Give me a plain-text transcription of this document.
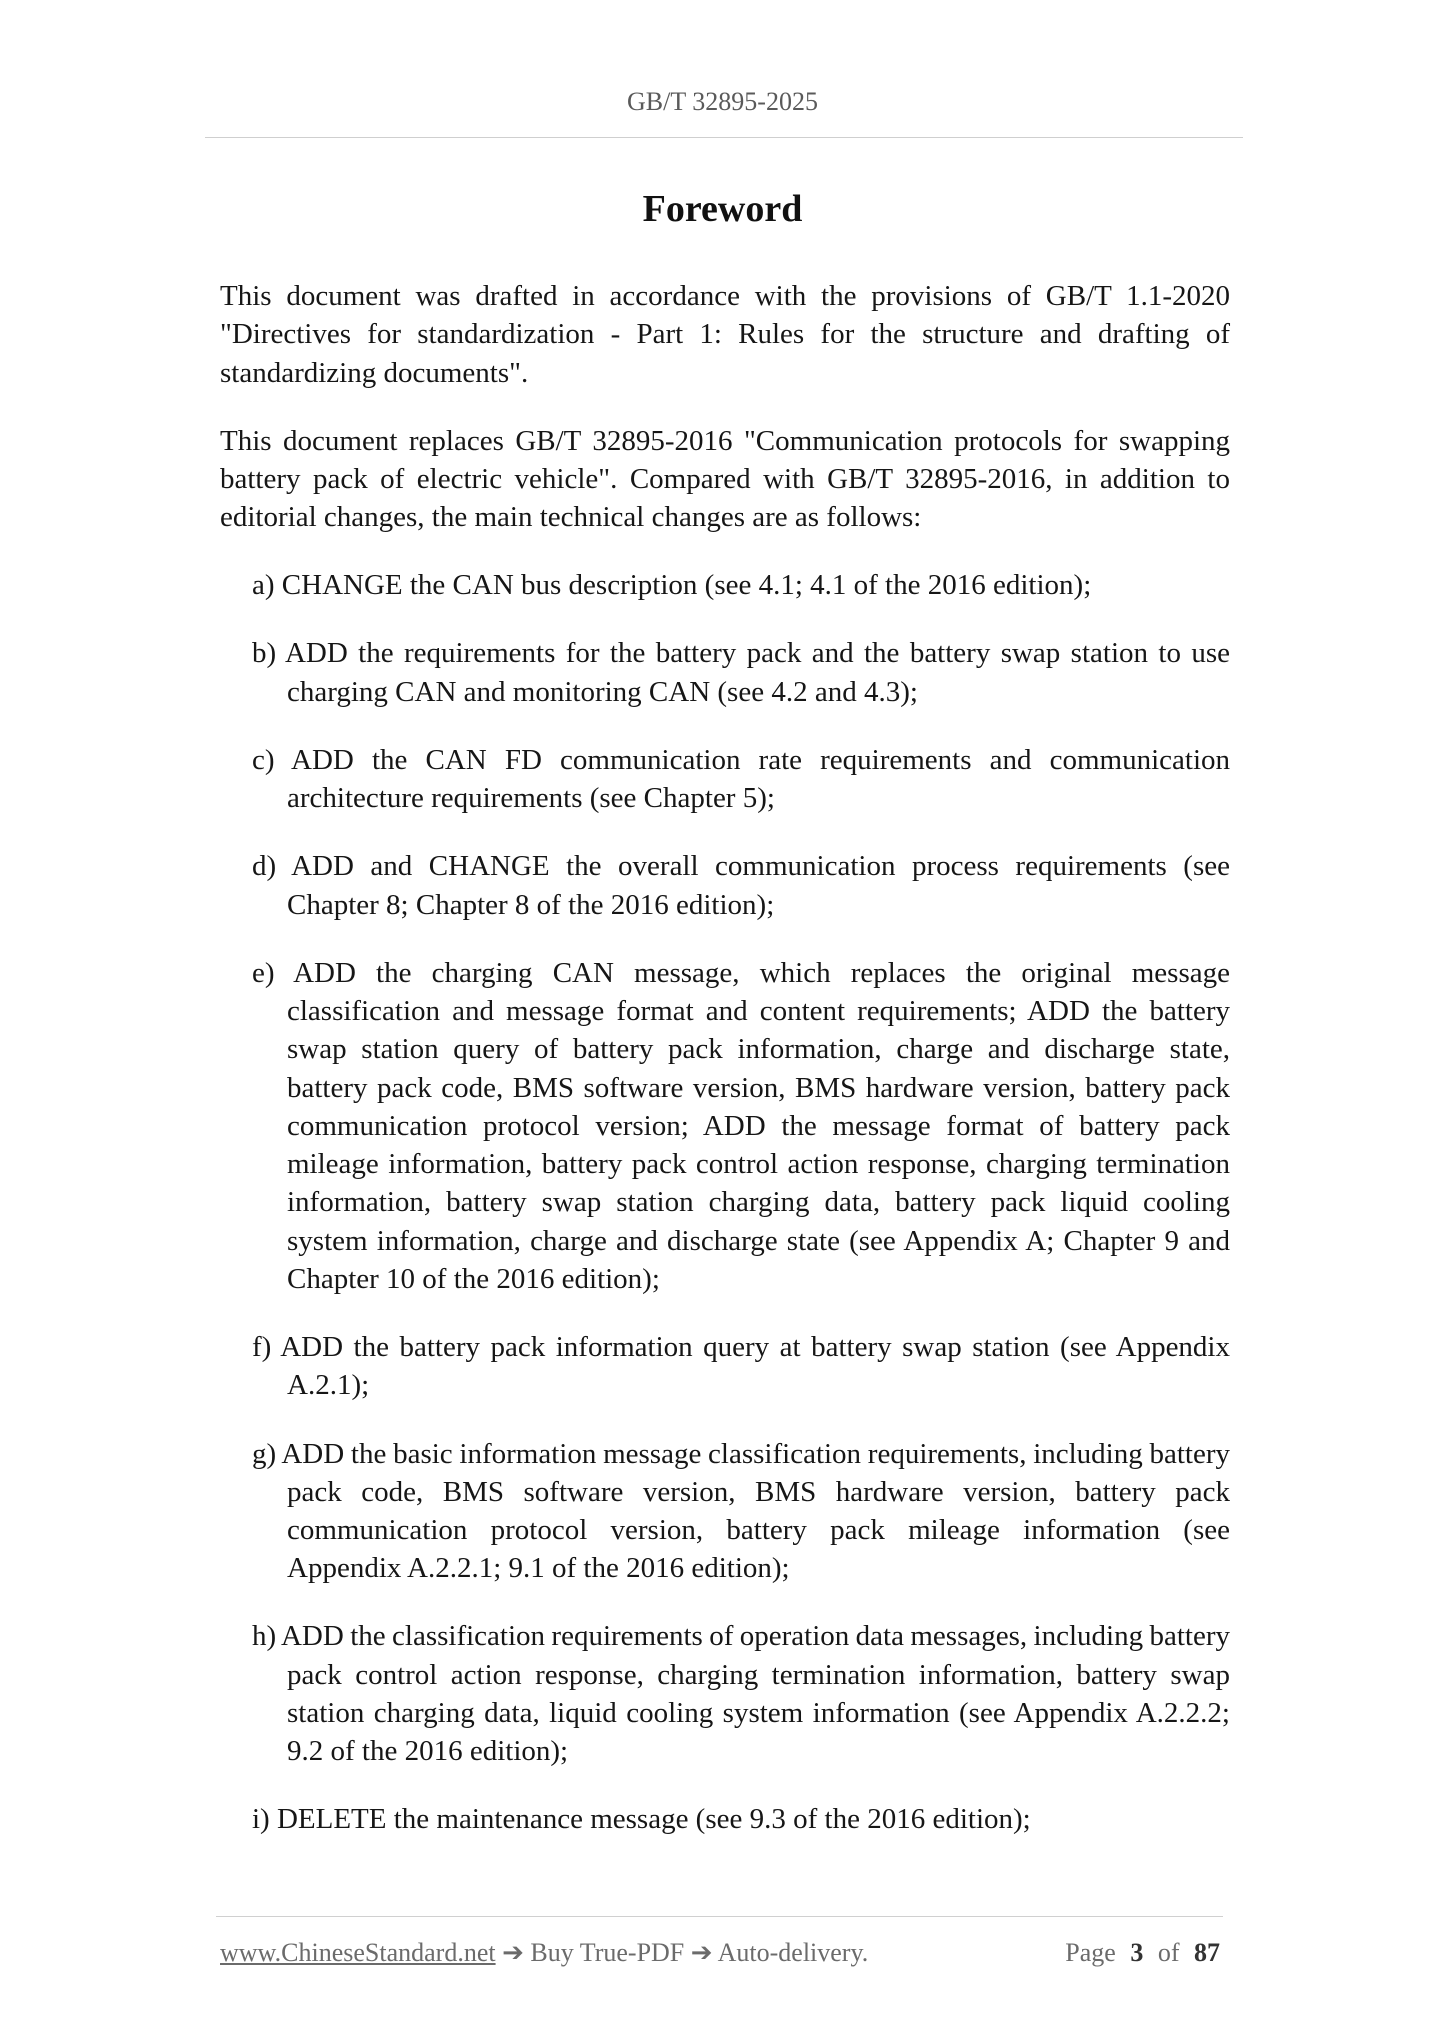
GB/T 32895-2025
Foreword

This document was drafted in accordance with the provisions of GB/T 1.1-2020 "Directives for standardization - Part 1: Rules for the structure and drafting of standardizing documents".

This document replaces GB/T 32895-2016 "Communication protocols for swapping battery pack of electric vehicle". Compared with GB/T 32895-2016, in addition to editorial changes, the main technical changes are as follows:

a) CHANGE the CAN bus description (see 4.1; 4.1 of the 2016 edition);
b) ADD the requirements for the battery pack and the battery swap station to use charging CAN and monitoring CAN (see 4.2 and 4.3);
c) ADD the CAN FD communication rate requirements and communication architecture requirements (see Chapter 5);
d) ADD and CHANGE the overall communication process requirements (see Chapter 8; Chapter 8 of the 2016 edition);
e) ADD the charging CAN message, which replaces the original message classification and message format and content requirements; ADD the battery swap station query of battery pack information, charge and discharge state, battery pack code, BMS software version, BMS hardware version, battery pack communication protocol version; ADD the message format of battery pack mileage information, battery pack control action response, charging termination information, battery swap station charging data, battery pack liquid cooling system information, charge and discharge state (see Appendix A; Chapter 9 and Chapter 10 of the 2016 edition);
f) ADD the battery pack information query at battery swap station (see Appendix A.2.1);
g) ADD the basic information message classification requirements, including battery pack code, BMS software version, BMS hardware version, battery pack communication protocol version, battery pack mileage information (see Appendix A.2.2.1; 9.1 of the 2016 edition);
h) ADD the classification requirements of operation data messages, including battery pack control action response, charging termination information, battery swap station charging data, liquid cooling system information (see Appendix A.2.2.2; 9.2 of the 2016 edition);
i) DELETE the maintenance message (see 9.3 of the 2016 edition);
www.ChineseStandard.net ➔ Buy True-PDF ➔ Auto-delivery.	Page 3 of 87
